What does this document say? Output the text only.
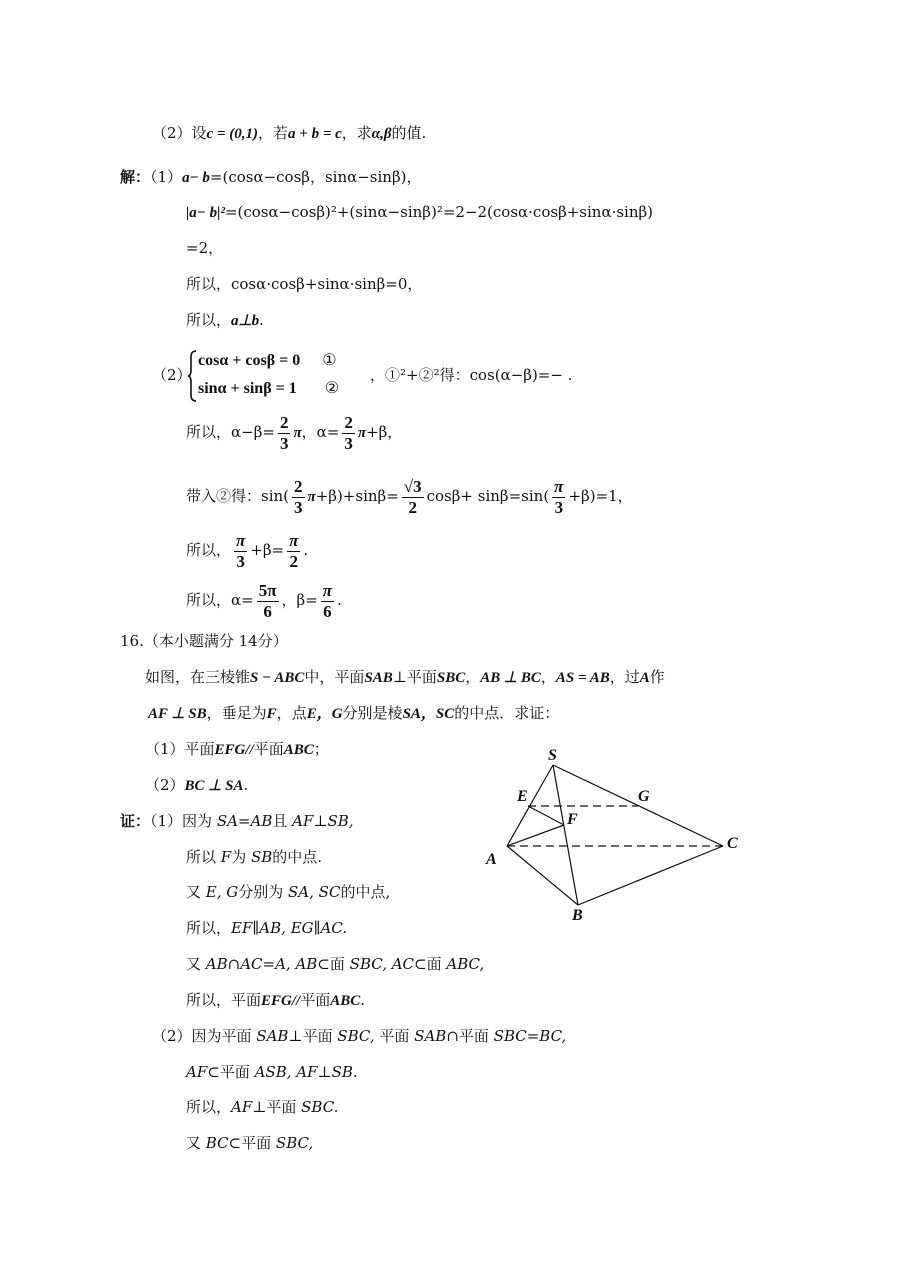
（2）设c = (0,1)，若a + b = c，求α,β的值.
解：（1）a− b=(cosα−cosβ，sinα−sinβ)，
|a− b|²=(cosα−cosβ)²+(sinα−sinβ)²=2−2(cosα·cosβ+sinα·sinβ)
=2，
所以，cosα·cosβ+sinα·sinβ=0，
所以，a⊥b.
（2）
cosα + cosβ = 0 ①
sinα + sinβ = 1 ②
，①²+②²得：cos(α−β)=− .
所以，$\alpha-\beta= \frac{2}{3}$ π，$\alpha= \frac{2}{3} \pi+\beta$，
带入②得：$\sin( \frac{2}{3} \pi+\beta)+\sin\beta= \frac{√3}{2} \cos\beta+ \sin\beta=\sin( \frac{\pi}{3} +\beta)=1$，
所以， $\frac{\pi}{3} +\beta= \frac{\pi}{2}$ .
所以，$\alpha= \frac{5\pi}{6}$ ，$\beta= \frac{\pi}{6}$ .
16.（本小题满分 14分）
如图，在三棱锥S − ABC中，平面SAB⊥平面SBC，AB ⊥ BC，AS = AB，过A作
AF ⊥ SB，垂足为F，点E，G分别是棱SA，SC的中点．求证：
（1）平面EFG//平面ABC；
（2）BC ⊥ SA.
证：（1）因为 SA=AB且 AF⊥SB,
所以 F为 SB的中点.
又 E, G分别为 SA, SC的中点,
所以，EF∥AB, EG∥AC.
又 AB∩AC=A, AB⊂面 SBC, AC⊂面 ABC,
所以，平面EFG//平面ABC.
（2）因为平面 SAB⊥平面 SBC, 平面 SAB∩平面 SBC=BC,
AF⊂平面 ASB, AF⊥SB.
所以，AF⊥平面 SBC.
又 BC⊂平面 SBC,
S
E	G
F
A
C
B
